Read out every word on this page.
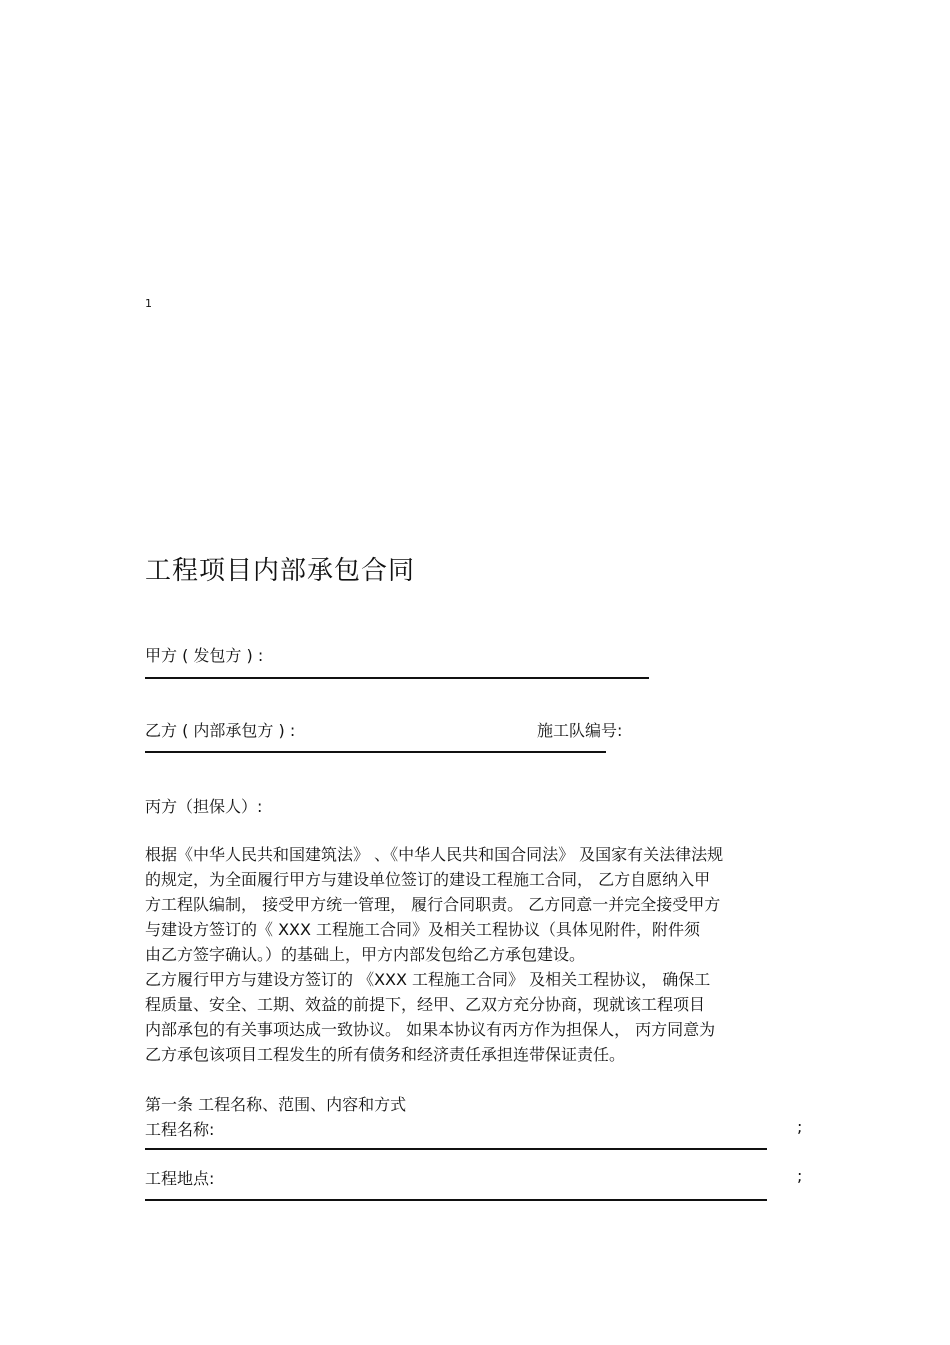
1
工程项目内部承包合同
甲方 ( 发包方 ) :
乙方 ( 内部承包方 ) :	施工队编号:
丙方（担保人）:
根据《中华人民共和国建筑法》 、《中华人民共和国合同法》 及国家有关法律法规
的规定，为全面履行甲方与建设单位签订的建设工程施工合同， 乙方自愿纳入甲
方工程队编制， 接受甲方统一管理， 履行合同职责。 乙方同意一并完全接受甲方
与建设方签订的《 XXX 工程施工合同》及相关工程协议（具体见附件，附件须
由乙方签字确认。）的基础上，甲方内部发包给乙方承包建设。
乙方履行甲方与建设方签订的 《XXX 工程施工合同》 及相关工程协议， 确保工
程质量、安全、工期、效益的前提下，经甲、乙双方充分协商，现就该工程项目
内部承包的有关事项达成一致协议。 如果本协议有丙方作为担保人， 丙方同意为
乙方承包该项目工程发生的所有债务和经济责任承担连带保证责任。
第一条 工程名称、范围、内容和方式
工程名称:	;
工程地点:	;
